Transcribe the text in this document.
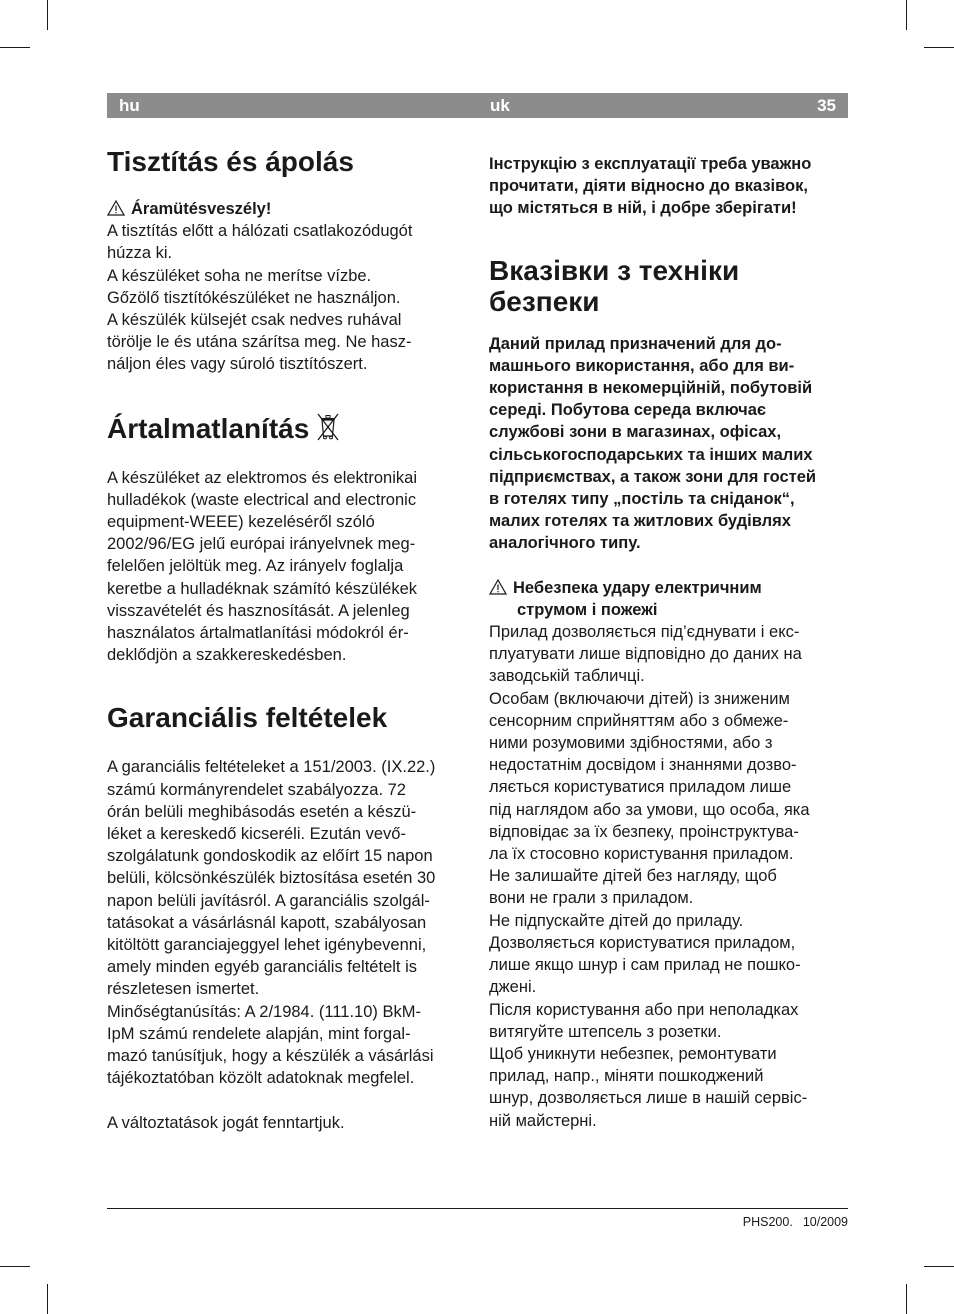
hu	uk	35
Tisztítás és ápolás
Áramütésveszély!
A tisztítás előtt a hálózati csatlakozódugót
húzza ki.
A készüléket soha ne merítse vízbe.
Gőzölő tisztítókészüléket ne használjon.
A készülék külsejét csak nedves ruhával
törölje le és utána szárítsa meg. Ne hasz-
náljon éles vagy súroló tisztítószert.
Ártalmatlanítás
A készüléket az elektromos és elektronikai
hulladékok (waste electrical and electronic
equipment-WEEE) kezeléséről szóló
2002/96/EG jelű európai irányelvnek meg-
felelően jelöltük meg. Az irányelv foglalja
keretbe a hulladéknak számító készülékek
visszavételét és hasznosítását. A jelenleg
használatos ártalmatlanítási módokról ér-
deklődjön a szakkereskedésben.
Garanciális feltételek
A garanciális feltételeket a 151/2003. (IX.22.)
számú kormányrendelet szabályozza. 72
órán belüli meghibásodás esetén a készü-
léket a kereskedő kicseréli. Ezután vevő-
szolgálatunk gondoskodik az előírt 15 napon
belüli, kölcsönkészülék biztosítása esetén 30
napon belüli javításról. A garanciális szolgál-
tatásokat a vásárlásnál kapott, szabályosan
kitöltött garanciajeggyel lehet igénybevenni,
amely minden egyéb garanciális feltételt is
részletesen ismertet.
Minőségtanúsítás: A 2/1984. (111.10) BkM-
IpM számú rendelete alapján, mint forgal-
mazó tanúsítjuk, hogy a készülék a vásárlási
tájékoztatóban közölt adatoknak megfelel.
A változtatások jogát fenntartjuk.
Інструкцію з експлуатації треба уважно
прочитати, діяти відносно до вказівок,
що містяться в ній, і добре зберігати!
Вказівки з техніки
безпеки
Даний прилад призначений для до-
машнього використання, або для ви-
користання в некомерційній, побутовій
середі. Побутова середа включає
службові зони в магазинах, офісах,
сільськогосподарських та інших малих
підприємствах, а також зони для гостей
в готелях типу „постіль та сніданок“,
малих готелях та житлових будівлях
аналогічного типу.
Небезпека удару електричним
струмом і пожежі
Прилад дозволяється під’єднувати і екс-
плуатувати лише відповідно до даних на
заводській табличці.
Особам (включаючи дітей) із зниженим
сенсорним сприйняттям або з обмеже-
ними розумовими здібностями, або з
недостатнім досвідом і знаннями дозво-
ляється користуватися приладом лише
під наглядом або за умови, що особа, яка
відповідає за їх безпеку, проінструктува-
ла їх стосовно користування приладом.
Не залишайте дітей без нагляду, щоб
вони не грали з приладом.
Не підпускайте дітей до приладу.
Дозволяється користуватися приладом,
лише якщо шнур і сам прилад не пошко-
джені.
Після користування або при неполадках
витягуйте штепсель з розетки.
Щоб уникнути небезпек, ремонтувати
прилад, напр., міняти пошкоджений
шнур, дозволяється лише в нашій сервіс-
ній майстерні.
PHS200. 10/2009
